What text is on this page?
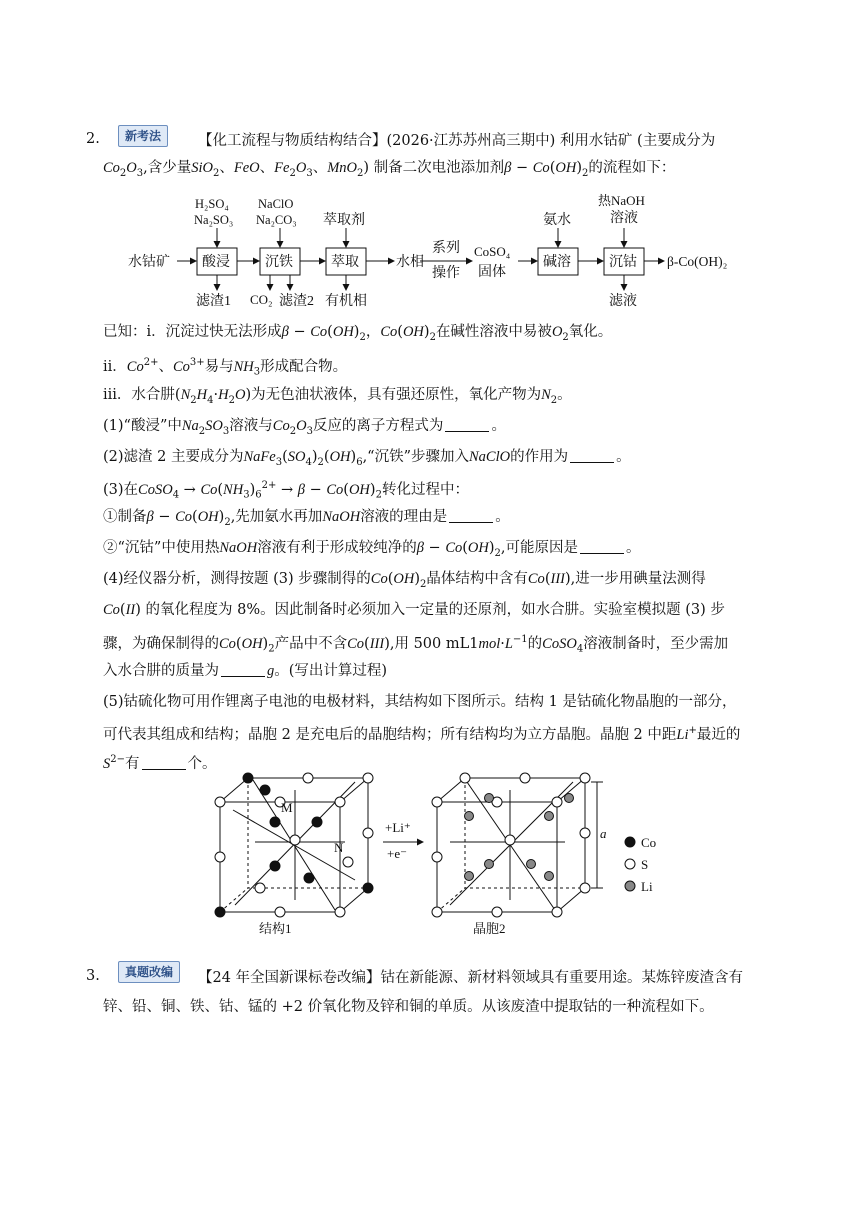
2.	新考法	【化工流程与物质结构结合】(2026·江苏苏州高三期中) 利用水钴矿 (主要成分为
$Co_2O_3$,含少量SiO$_2$、FeO、$Fe_2O_3$、MnO$_2$) 制备二次电池添加剂$\beta - Co(OH)_2$的流程如下：
水钴矿 酸浸	沉铁	萃取	碱溶	沉钴
H₂SO₄
Na₂SO₃
NaClO
Na₂CO₃ 萃取剂	氨水
热NaOH
溶液
滤渣1 CO₂ 滤渣2 有机相	滤液
水相
系列
操作
CoSO₄
固体
β-Co(OH)₂
已知：ⅰ．沉淀过快无法形成$\beta - Co(OH)_2$，$Co(OH)_2$在碱性溶液中易被$O_2$氧化。
ⅱ．$Co^{2+}$、$Co^{3+}$易与$NH_3$形成配合物。
ⅲ．水合肼$(N_2H_4\cdot H_2O)$为无色油状液体，具有强还原性，氧化产物为$N_2$。
(1)“酸浸”中$Na_2SO_3$溶液与$Co_2O_3$反应的离子方程式为	。
(2)滤渣 2 主要成分为$NaFe_3(SO_4)_2(OH)_6,“$沉铁”步骤加入NaClO的作用为	。
(3)在CoSO$_4$ → $Co(NH_3)_6^{2+} \to \beta - Co(OH)_2$转化过程中：
①制备$\beta - Co(OH)_2$,先加氨水再加NaOH溶液的理由是	。
②“沉钴”中使用热NaOH溶液有利于形成较纯净的$\beta - Co(OH)_2$,可能原因是	。
(4)经仪器分析，测得按题 (3) 步骤制得的$Co(OH)_2$晶体结构中含有Co(III),进一步用碘量法测得
Co(II) 的氧化程度为 8%。因此制备时必须加入一定量的还原剂，如水合肼。实验室模拟题 (3) 步
骤，为确保制得的$Co(OH)_2$产品中不含Co(III),用 500 $mL1mol\cdot L^{-1}$的CoSO$_4$溶液制备时，至少需加
入水合肼的质量为	g。(写出计算过程)
(5)钴硫化物可用作锂离子电池的电极材料，其结构如下图所示。结构 1 是钴硫化物晶胞的一部分，
可代表其组成和结构；晶胞 2 是充电后的晶胞结构；所有结构均为立方晶胞。晶胞 2 中距Li+最近的
$S^{2-}$有	个。
M
N
+Li⁺
+e⁻
a
结构1	晶胞2
Co
S
Li
3.	真题改编	【24 年全国新课标卷改编】钴在新能源、新材料领域具有重要用途。某炼锌废渣含有
锌、铅、铜、铁、钴、锰的 +2 价氧化物及锌和铜的单质。从该废渣中提取钴的一种流程如下。
